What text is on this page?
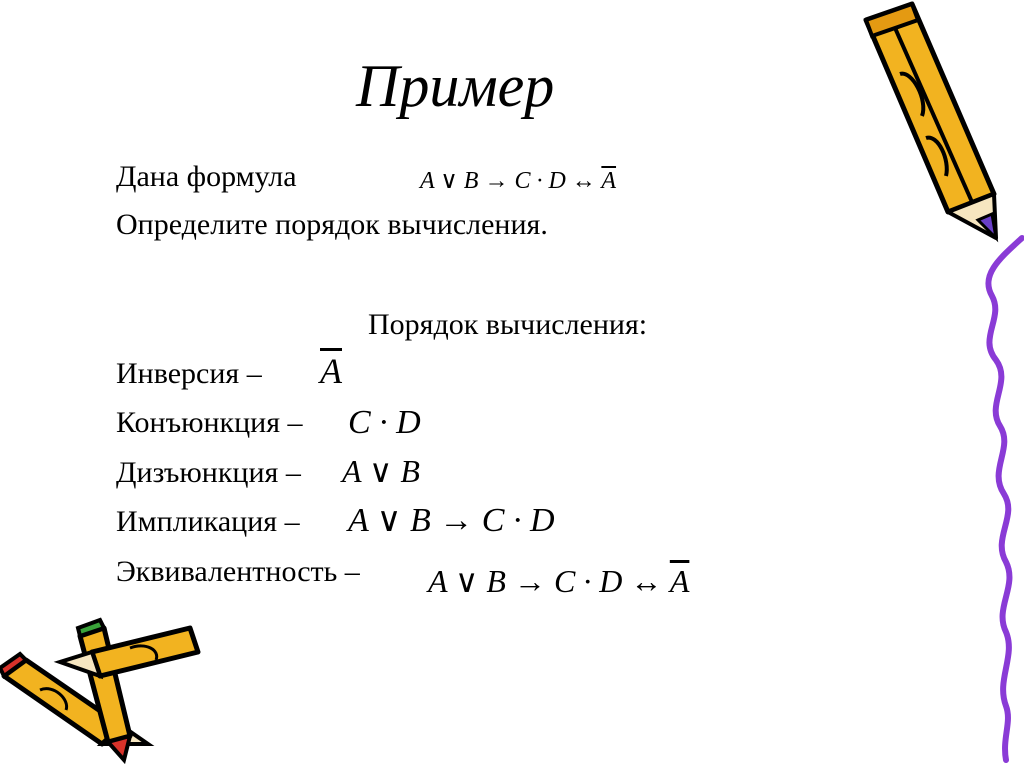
Пример
Дана формула	A ∨ B → C · D ↔ $\overline{A}$
Определите порядок вычисления.
Порядок вычисления:
Инверсия – $\overline{A}$
Конъюнкция – C · D
Дизъюнкция – A ∨ B
Импликация – A ∨ B → C · D
Эквивалентность – A ∨ B → C · D ↔ $\overline{A}$
